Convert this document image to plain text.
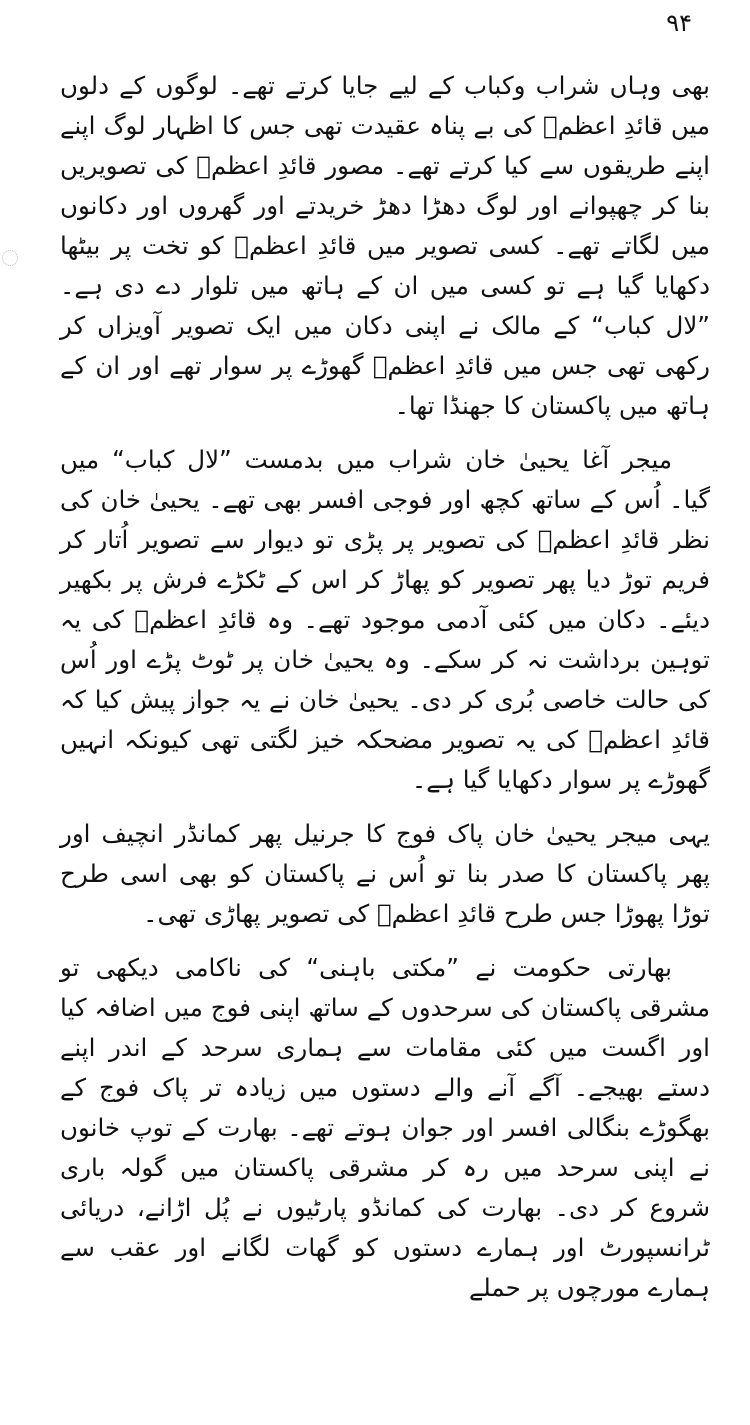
۹۴

بھی وہاں شراب وکباب کے لیے جایا کرتے تھے۔ لوگوں کے دلوں میں قائدِ اعظمؒ کی بے پناہ عقیدت تھی جس کا اظہار لوگ اپنے اپنے طریقوں سے کیا کرتے تھے۔ مصور قائدِ اعظمؒ کی تصویریں بنا کر چھپوانے اور لوگ دھڑا دھڑ خریدتے اور گھروں اور دکانوں میں لگاتے تھے۔ کسی تصویر میں قائدِ اعظمؒ کو تخت پر بیٹھا دکھایا گیا ہے تو کسی میں ان کے ہاتھ میں تلوار دے دی ہے۔ ”لال کباب“ کے مالک نے اپنی دکان میں ایک تصویر آویزاں کر رکھی تھی جس میں قائدِ اعظمؒ گھوڑے پر سوار تھے اور ان کے ہاتھ میں پاکستان کا جھنڈا تھا۔

میجر آغا یحییٰ خان شراب میں بدمست ”لال کباب“ میں گیا۔ اُس کے ساتھ کچھ اور فوجی افسر بھی تھے۔ یحییٰ خان کی نظر قائدِ اعظمؒ کی تصویر پر پڑی تو دیوار سے تصویر اُتار کر فریم توڑ دیا پھر تصویر کو پھاڑ کر اس کے ٹکڑے فرش پر بکھیر دیئے۔ دکان میں کئی آدمی موجود تھے۔ وہ قائدِ اعظمؒ کی یہ توہین برداشت نہ کر سکے۔ وہ یحییٰ خان پر ٹوٹ پڑے اور اُس کی حالت خاصی بُری کر دی۔ یحییٰ خان نے یہ جواز پیش کیا کہ قائدِ اعظمؒ کی یہ تصویر مضحکہ خیز لگتی تھی کیونکہ انہیں گھوڑے پر سوار دکھایا گیا ہے۔

یہی میجر یحییٰ خان پاک فوج کا جرنیل پھر کمانڈر انچیف اور پھر پاکستان کا صدر بنا تو اُس نے پاکستان کو بھی اسی طرح توڑا پھوڑا جس طرح قائدِ اعظمؒ کی تصویر پھاڑی تھی۔

بھارتی حکومت نے ”مکتی باہنی“ کی ناکامی دیکھی تو مشرقی پاکستان کی سرحدوں کے ساتھ اپنی فوج میں اضافہ کیا اور اگست میں کئی مقامات سے ہماری سرحد کے اندر اپنے دستے بھیجے۔ آگے آنے والے دستوں میں زیادہ تر پاک فوج کے بھگوڑے بنگالی افسر اور جوان ہوتے تھے۔ بھارت کے توپ خانوں نے اپنی سرحد میں رہ کر مشرقی پاکستان میں گولہ باری شروع کر دی۔ بھارت کی کمانڈو پارٹیوں نے پُل اڑانے، دریائی ٹرانسپورٹ اور ہمارے دستوں کو گھات لگانے اور عقب سے ہمارے مورچوں پر حملے
